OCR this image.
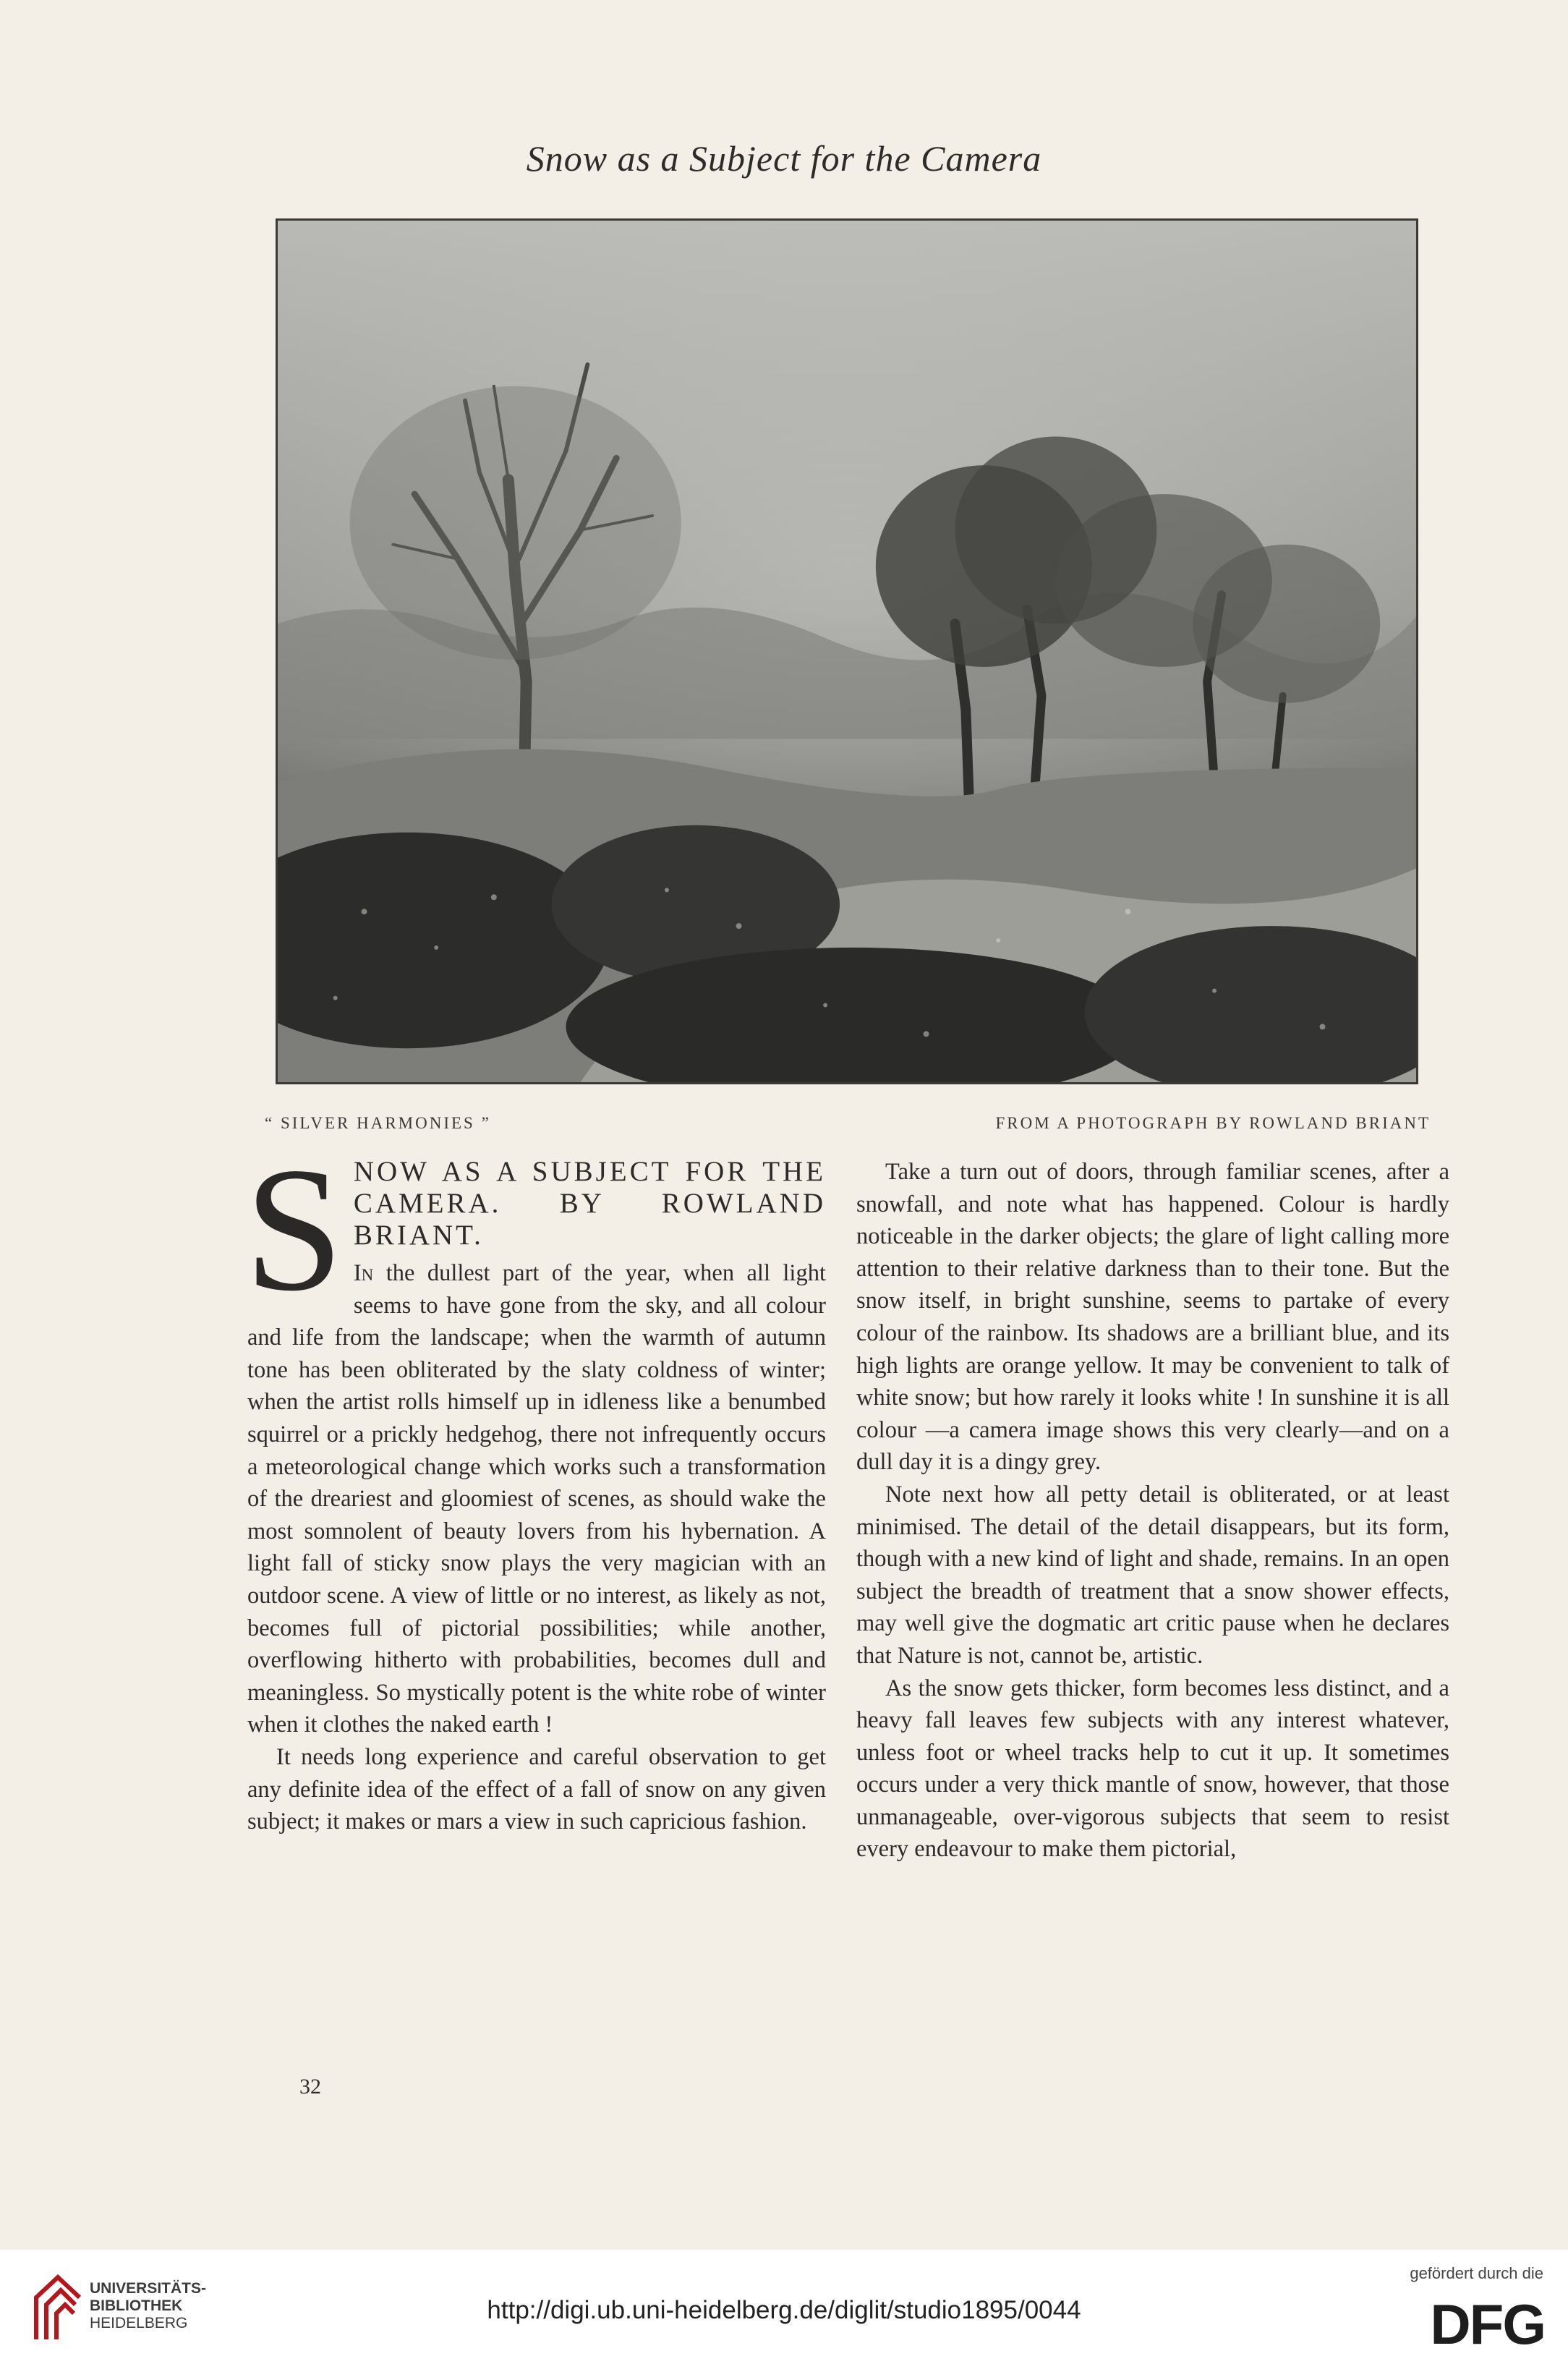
Snow as a Subject for the Camera
“ SILVER HARMONIES ”	FROM A PHOTOGRAPH BY ROWLAND BRIANT
S NOW AS A SUBJECT FOR THE CAMERA. BY ROWLAND BRIANT.

In the dullest part of the year, when all light seems to have gone from the sky, and all colour and life from the landscape; when the warmth of autumn tone has been obliterated by the slaty coldness of winter; when the artist rolls himself up in idleness like a benumbed squirrel or a prickly hedgehog, there not infrequently occurs a meteorological change which works such a transformation of the dreariest and gloomiest of scenes, as should wake the most somnolent of beauty lovers from his hybernation. A light fall of sticky snow plays the very magician with an outdoor scene. A view of little or no interest, as likely as not, becomes full of pictorial possibilities; while another, overflowing hitherto with probabilities, becomes dull and meaningless. So mystically potent is the white robe of winter when it clothes the naked earth !

It needs long experience and careful observation to get any definite idea of the effect of a fall of snow on any given subject; it makes or mars a view in such capricious fashion.

Take a turn out of doors, through familiar scenes, after a snowfall, and note what has happened. Colour is hardly noticeable in the darker objects; the glare of light calling more attention to their relative darkness than to their tone. But the snow itself, in bright sunshine, seems to partake of every colour of the rainbow. Its shadows are a brilliant blue, and its high lights are orange yellow. It may be convenient to talk of white snow; but how rarely it looks white ! In sunshine it is all colour —a camera image shows this very clearly—and on a dull day it is a dingy grey.

Note next how all petty detail is obliterated, or at least minimised. The detail of the detail disappears, but its form, though with a new kind of light and shade, remains. In an open subject the breadth of treatment that a snow shower effects, may well give the dogmatic art critic pause when he declares that Nature is not, cannot be, artistic.

As the snow gets thicker, form becomes less distinct, and a heavy fall leaves few subjects with any interest whatever, unless foot or wheel tracks help to cut it up. It sometimes occurs under a very thick mantle of snow, however, that those unmanageable, over-vigorous subjects that seem to resist every endeavour to make them pictorial,

32
UNIVERSITÄTS-
BIBLIOTHEK
HEIDELBERG	http://digi.ub.uni-heidelberg.de/diglit/studio1895/0044
gefördert durch die
DFG
